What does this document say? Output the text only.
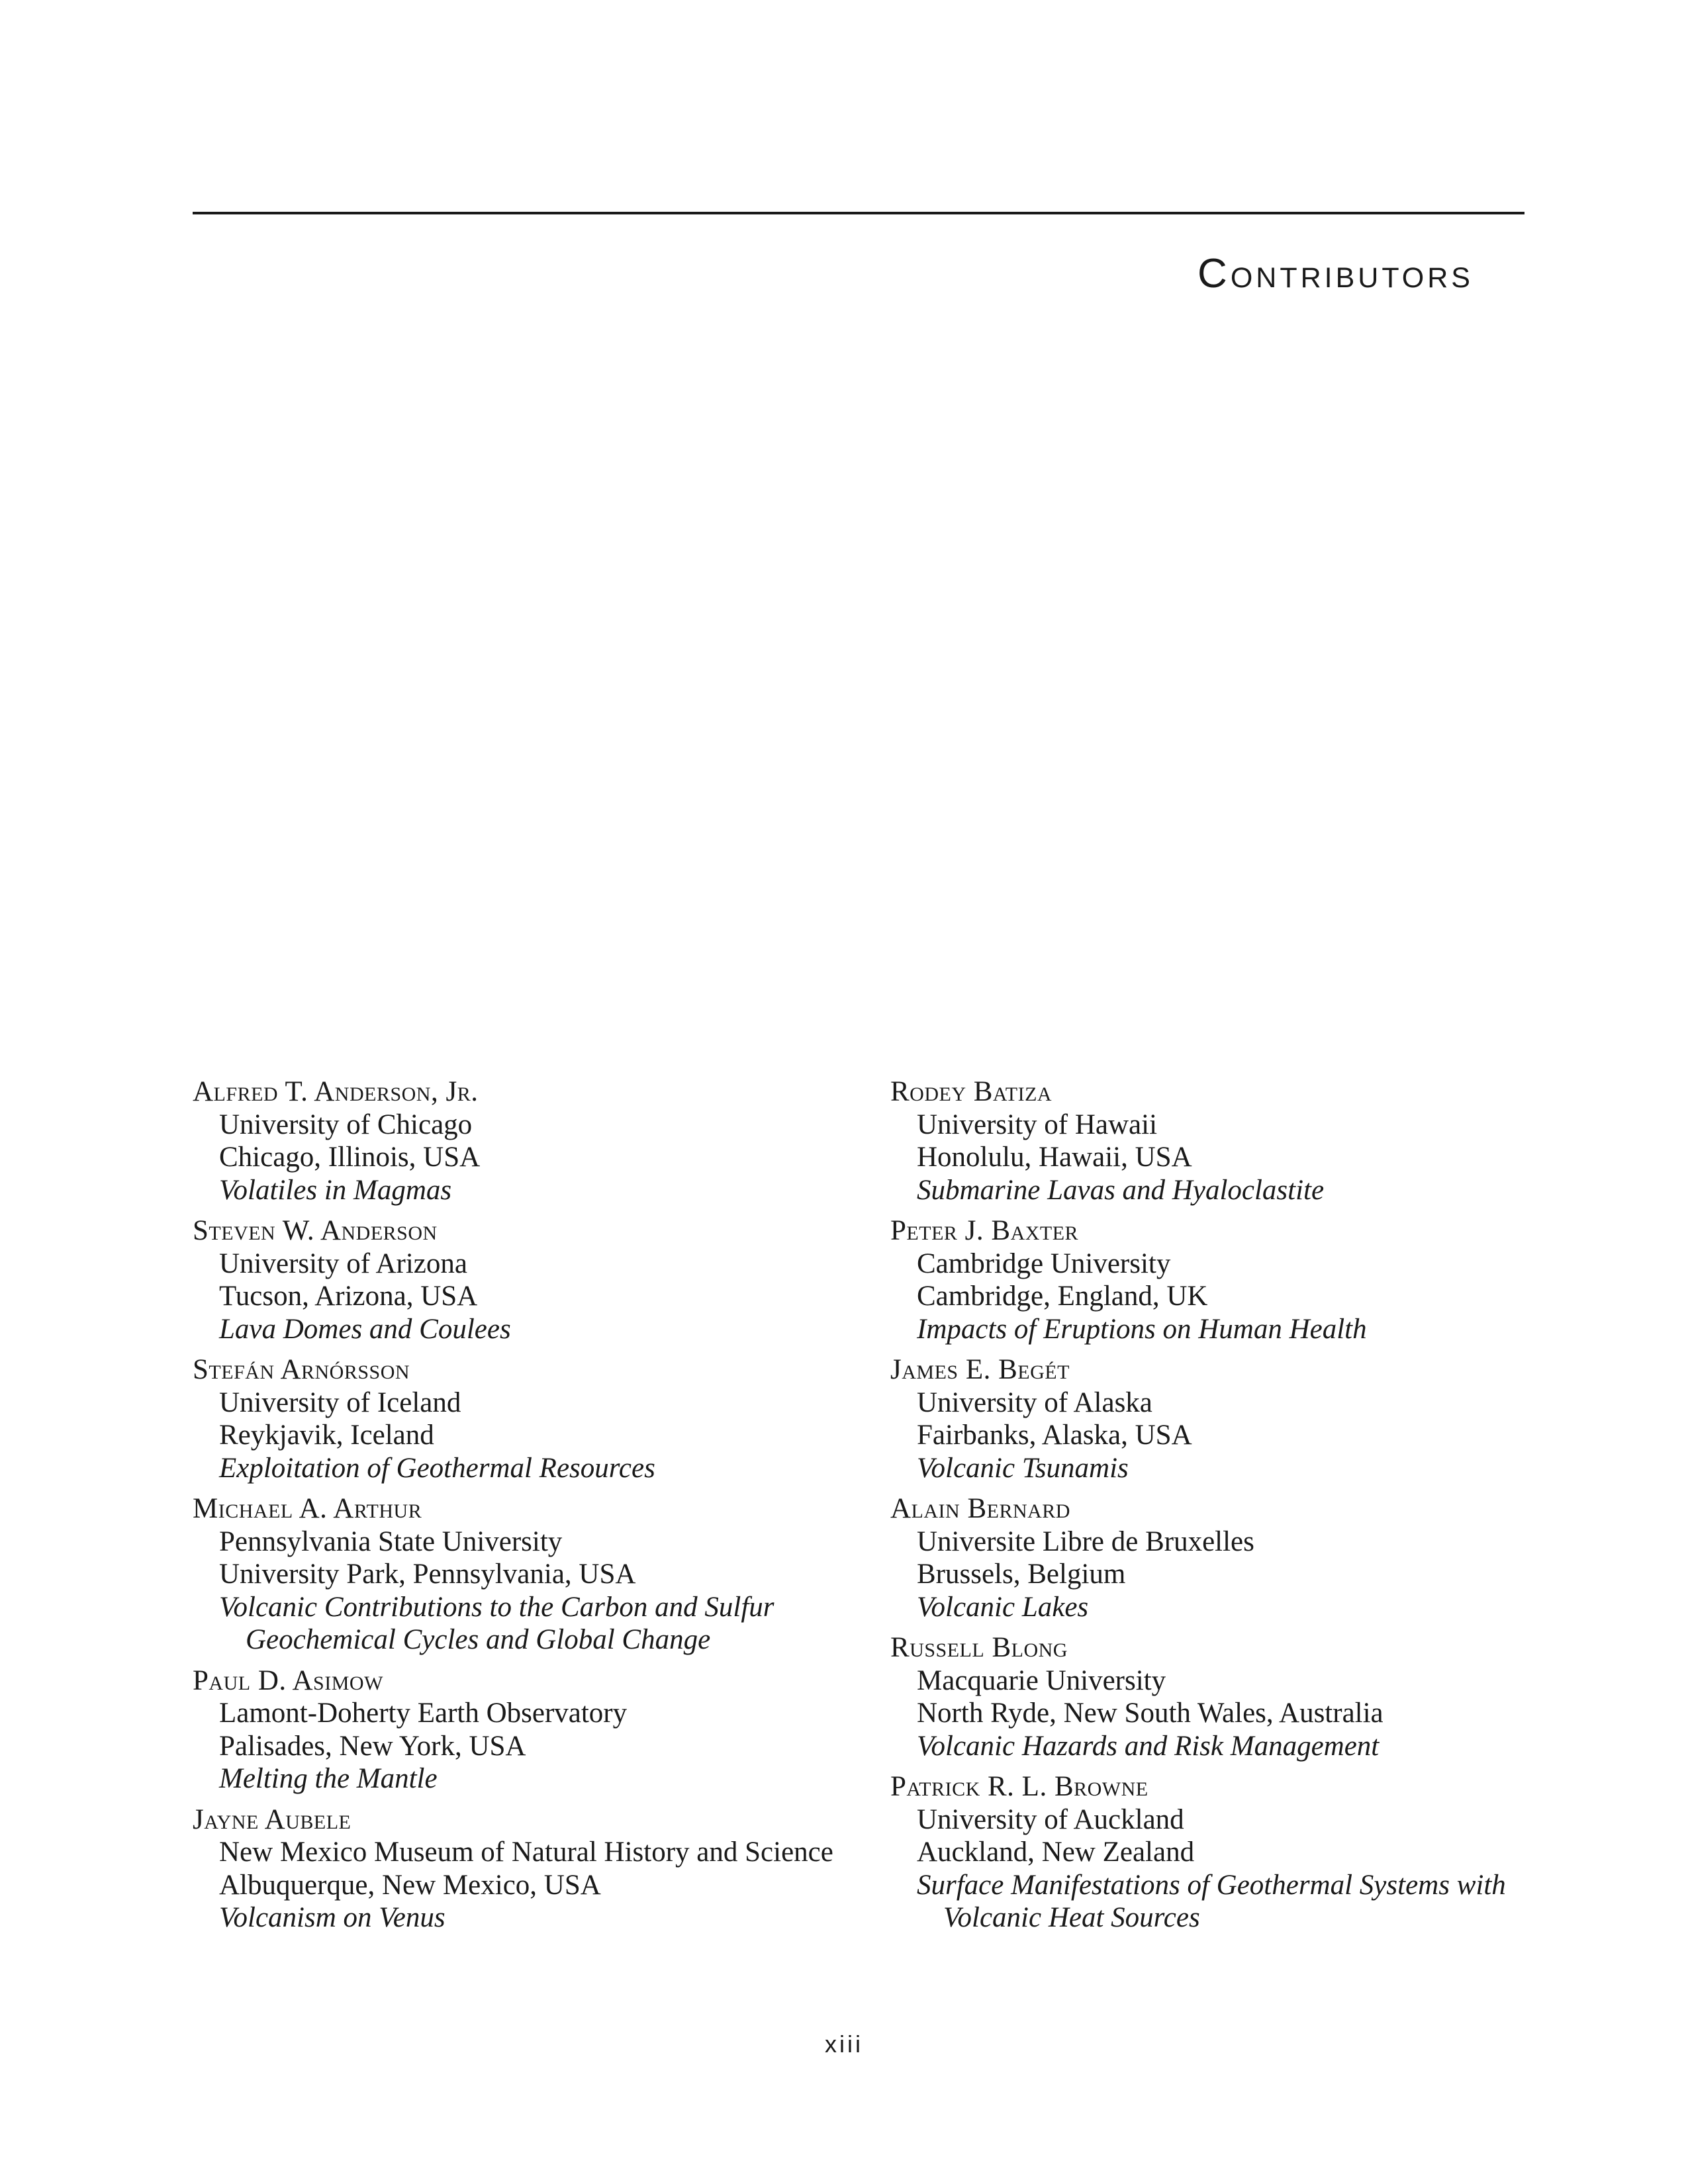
Contributors
Alfred T. Anderson, Jr.
University of Chicago
Chicago, Illinois, USA
Volatiles in Magmas
Steven W. Anderson
University of Arizona
Tucson, Arizona, USA
Lava Domes and Coulees
Stefán Arnórsson
University of Iceland
Reykjavik, Iceland
Exploitation of Geothermal Resources
Michael A. Arthur
Pennsylvania State University
University Park, Pennsylvania, USA
Volcanic Contributions to the Carbon and Sulfur Geochemical Cycles and Global Change
Paul D. Asimow
Lamont-Doherty Earth Observatory
Palisades, New York, USA
Melting the Mantle
Jayne Aubele
New Mexico Museum of Natural History and Science
Albuquerque, New Mexico, USA
Volcanism on Venus
Rodey Batiza
University of Hawaii
Honolulu, Hawaii, USA
Submarine Lavas and Hyaloclastite
Peter J. Baxter
Cambridge University
Cambridge, England, UK
Impacts of Eruptions on Human Health
James E. Begét
University of Alaska
Fairbanks, Alaska, USA
Volcanic Tsunamis
Alain Bernard
Universite Libre de Bruxelles
Brussels, Belgium
Volcanic Lakes
Russell Blong
Macquarie University
North Ryde, New South Wales, Australia
Volcanic Hazards and Risk Management
Patrick R. L. Browne
University of Auckland
Auckland, New Zealand
Surface Manifestations of Geothermal Systems with Volcanic Heat Sources
xiii
